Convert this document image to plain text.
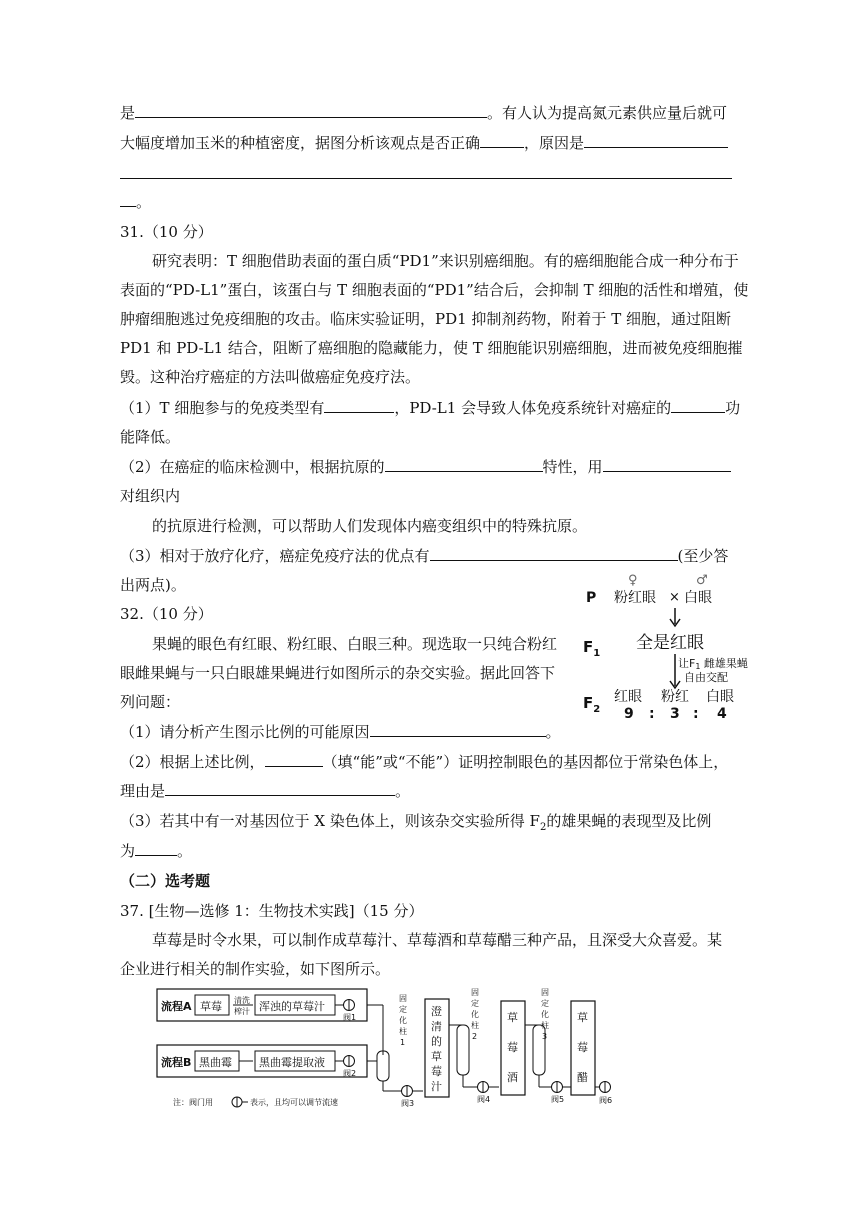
是	。有人认为提高氮元素供应量后就可
大幅度增加玉米的种植密度，据图分析该观点是否正确	，原因是
。
31.（10 分）
研究表明：T 细胞借助表面的蛋白质“PD1”来识别癌细胞。有的癌细胞能合成一种分布于
表面的“PD-L1”蛋白，该蛋白与 T 细胞表面的“PD1”结合后，会抑制 T 细胞的活性和增殖，使
肿瘤细胞逃过免疫细胞的攻击。临床实验证明，PD1 抑制剂药物，附着于 T 细胞，通过阻断
PD1 和 PD-L1 结合，阻断了癌细胞的隐藏能力，使 T 细胞能识别癌细胞，进而被免疫细胞摧
毁。这种治疗癌症的方法叫做癌症免疫疗法。
（1）T 细胞参与的免疫类型有	，PD-L1 会导致人体免疫系统针对癌症的	功
能降低。
（2）在癌症的临床检测中，根据抗原的	特性，用
对组织内
的抗原进行检测，可以帮助人们发现体内癌变组织中的特殊抗原。
（3）相对于放疗化疗，癌症免疫疗法的优点有	(至少答
出两点)。
32.（10 分）
果蝇的眼色有红眼、粉红眼、白眼三种。现选取一只纯合粉红
眼雌果蝇与一只白眼雄果蝇进行如图所示的杂交实验。据此回答下
列问题：
（1）请分析产生图示比例的可能原因	。
（2）根据上述比例，	（填“能”或“不能”）证明控制眼色的基因都位于常染色体上，
理由是	。
（3）若其中有一对基因位于 X 染色体上，则该杂交实验所得 $F_2$的雄果蝇的表现型及比例
为	。
P
♀	♂
粉红眼 × 白眼
$F_1$
全是红眼
让F1 雌雄果蝇
自由交配
$F_2$
红眼 粉红 白眼
9 : 3 : 4
（二）选考题
37. [生物—选修 1：生物技术实践]（15 分）
草莓是时令水果，可以制作成草莓汁、草莓酒和草莓醋三种产品，且深受大众喜爱。某
企业进行相关的制作实验，如下图所示。
流程A 草莓 清洗
榨汁 浑浊的草莓汁
阀1
流程B 黑曲霉 黑曲霉提取液
阀2
固定化柱 1
阀3
澄清的草莓汁
固定化柱 2
阀4
草莓酒
固定化柱 3
阀5
草莓醋
阀6
注：阀门用	表示，且均可以调节流速
